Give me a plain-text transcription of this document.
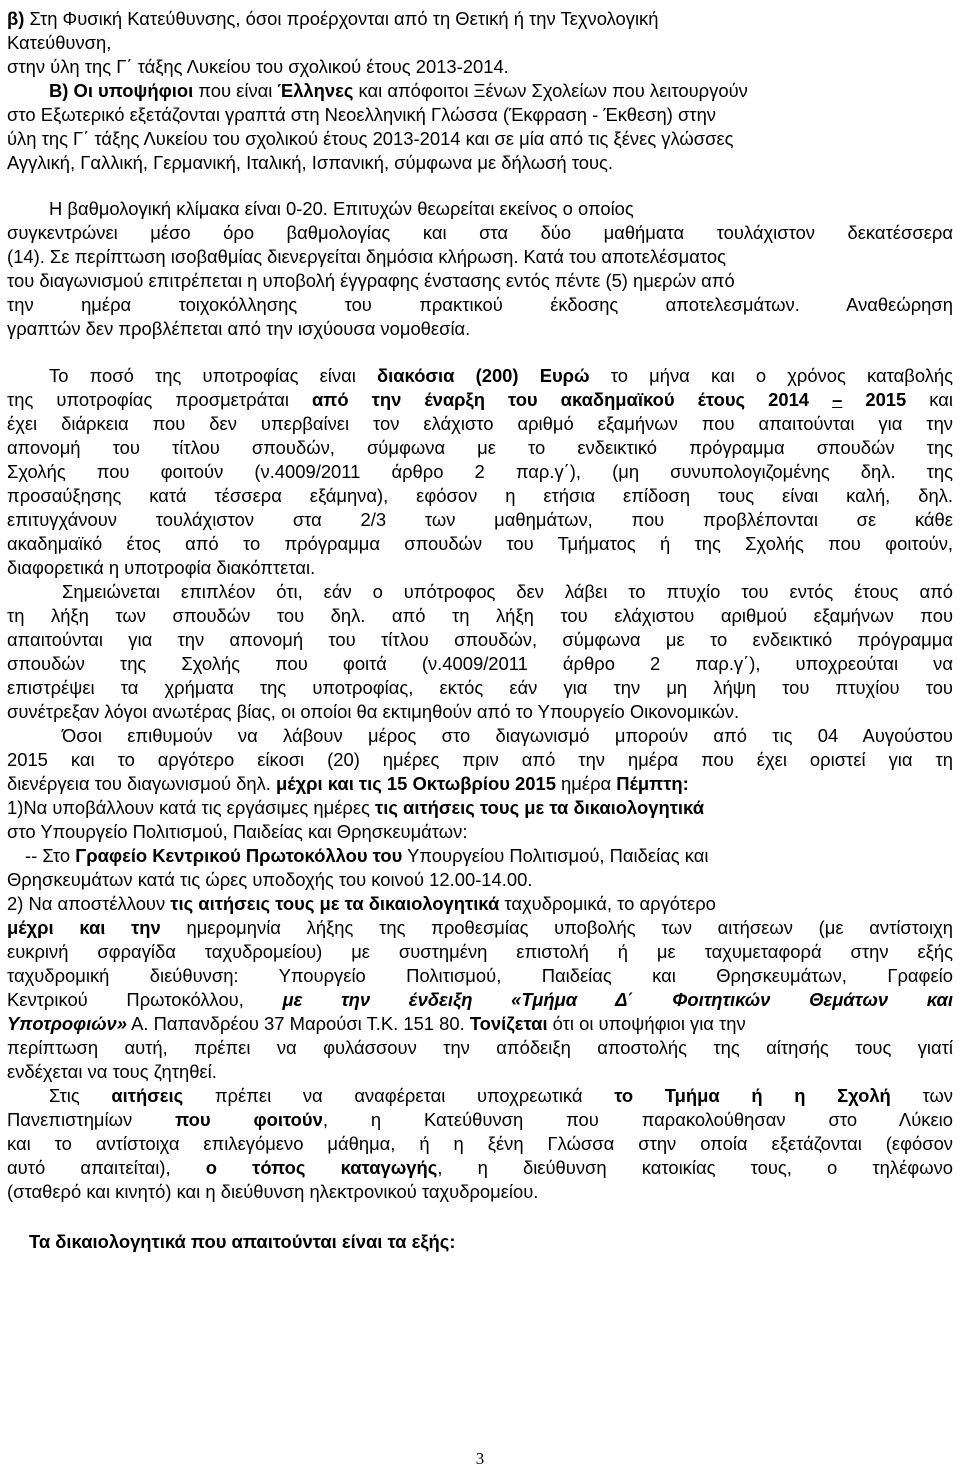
β) Στη Φυσική Κατεύθυνσης, όσοι προέρχονται από τη Θετική ή την Τεχνολογική
Κατεύθυνση,
στην ύλη της Γ΄ τάξης Λυκείου του σχολικού έτους 2013-2014.
Β) Οι υποψήφιοι που είναι Έλληνες και απόφοιτοι Ξένων Σχολείων που λειτουργούν
στο Εξωτερικό εξετάζονται γραπτά στη Νεοελληνική Γλώσσα (Έκφραση - Έκθεση) στην
ύλη της Γ΄ τάξης Λυκείου του σχολικού έτους 2013-2014 και σε μία από τις ξένες γλώσσες
Αγγλική, Γαλλική, Γερμανική, Ιταλική, Ισπανική, σύμφωνα με δήλωσή τους.
Η βαθμολογική κλίμακα είναι 0-20. Επιτυχών θεωρείται εκείνος ο οποίος
συγκεντρώνει μέσο όρο βαθμολογίας και στα δύο μαθήματα τουλάχιστον δεκατέσσερα
(14). Σε περίπτωση ισοβαθμίας διενεργείται δημόσια κλήρωση. Κατά του αποτελέσματος
του διαγωνισμού επιτρέπεται η υποβολή έγγραφης ένστασης εντός πέντε (5) ημερών από
την ημέρα τοιχοκόλλησης του πρακτικού έκδοσης αποτελεσμάτων. Αναθεώρηση
γραπτών δεν προβλέπεται από την ισχύουσα νομοθεσία.
Το ποσό της υποτροφίας είναι διακόσια (200) Ευρώ το μήνα και ο χρόνος καταβολής
της υποτροφίας προσμετράται από την έναρξη του ακαδημαϊκού έτους 2014 – 2015 και
έχει διάρκεια που δεν υπερβαίνει τον ελάχιστο αριθμό εξαμήνων που απαιτούνται για την
απονομή του τίτλου σπουδών, σύμφωνα με το ενδεικτικό πρόγραμμα σπουδών της
Σχολής που φοιτούν (ν.4009/2011 άρθρο 2 παρ.γ΄), (μη συνυπολογιζομένης δηλ. της
προσαύξησης κατά τέσσερα εξάμηνα), εφόσον η ετήσια επίδοση τους είναι καλή, δηλ.
επιτυγχάνουν τουλάχιστον στα 2/3 των μαθημάτων, που προβλέπονται σε κάθε
ακαδημαϊκό έτος από το πρόγραμμα σπουδών του Τμήματος ή της Σχολής που φοιτούν,
διαφορετικά η υποτροφία διακόπτεται.
Σημειώνεται επιπλέον ότι, εάν ο υπότροφος δεν λάβει το πτυχίο του εντός έτους από
τη λήξη των σπουδών του δηλ. από τη λήξη του ελάχιστου αριθμού εξαμήνων που
απαιτούνται για την απονομή του τίτλου σπουδών, σύμφωνα με το ενδεικτικό πρόγραμμα
σπουδών της Σχολής που φοιτά (ν.4009/2011 άρθρο 2 παρ.γ΄), υποχρεούται να
επιστρέψει τα χρήματα της υποτροφίας, εκτός εάν για την μη λήψη του πτυχίου του
συνέτρεξαν λόγοι ανωτέρας βίας, οι οποίοι θα εκτιμηθούν από το Υπουργείο Οικονομικών.
Όσοι επιθυμούν να λάβουν μέρος στο διαγωνισμό μπορούν από τις 04 Αυγούστου
2015 και το αργότερο είκοσι (20) ημέρες πριν από την ημέρα που έχει οριστεί για τη
διενέργεια του διαγωνισμού δηλ. μέχρι και τις 15 Οκτωβρίου 2015 ημέρα Πέμπτη:
1)Να υποβάλλουν κατά τις εργάσιμες ημέρες τις αιτήσεις τους με τα δικαιολογητικά
στο Υπουργείο Πολιτισμού, Παιδείας και Θρησκευμάτων:
-- Στο Γραφείο Κεντρικού Πρωτοκόλλου του Υπουργείου Πολιτισμού, Παιδείας και
Θρησκευμάτων κατά τις ώρες υποδοχής του κοινού 12.00-14.00.
2) Να αποστέλλουν τις αιτήσεις τους με τα δικαιολογητικά ταχυδρομικά, το αργότερο
μέχρι και την ημερομηνία λήξης της προθεσμίας υποβολής των αιτήσεων (με αντίστοιχη
ευκρινή σφραγίδα ταχυδρομείου) με συστημένη επιστολή ή με ταχυμεταφορά στην εξής
ταχυδρομική διεύθυνση: Υπουργείο Πολιτισμού, Παιδείας και Θρησκευμάτων, Γραφείο
Κεντρικού Πρωτοκόλλου, με την ένδειξη «Τμήμα Δ΄ Φοιτητικών Θεμάτων και
Υποτροφιών» Α. Παπανδρέου 37 Μαρούσι Τ.Κ. 151 80. Τονίζεται ότι οι υποψήφιοι για την
περίπτωση αυτή, πρέπει να φυλάσσουν την απόδειξη αποστολής της αίτησής τους γιατί
ενδέχεται να τους ζητηθεί.
Στις αιτήσεις πρέπει να αναφέρεται υποχρεωτικά το Τμήμα ή η Σχολή των
Πανεπιστημίων που φοιτούν, η Κατεύθυνση που παρακολούθησαν στο Λύκειο
και το αντίστοιχα επιλεγόμενο μάθημα, ή η ξένη Γλώσσα στην οποία εξετάζονται (εφόσον
αυτό απαιτείται), ο τόπος καταγωγής, η διεύθυνση κατοικίας τους, ο τηλέφωνο
(σταθερό και κινητό) και η διεύθυνση ηλεκτρονικού ταχυδρομείου.
Τα δικαιολογητικά που απαιτούνται είναι τα εξής:
3
